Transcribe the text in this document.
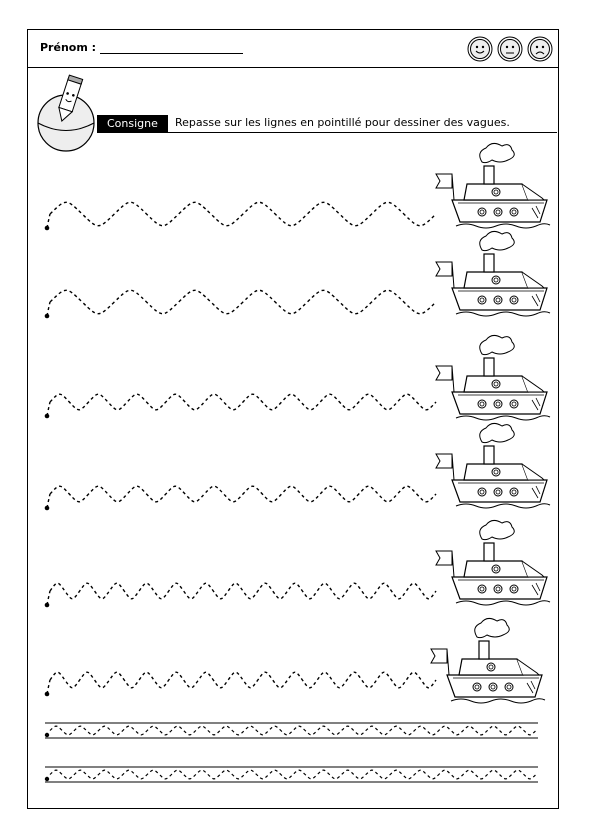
Prénom :
Consigne	Repasse sur les lignes en pointillé pour dessiner des vagues.
